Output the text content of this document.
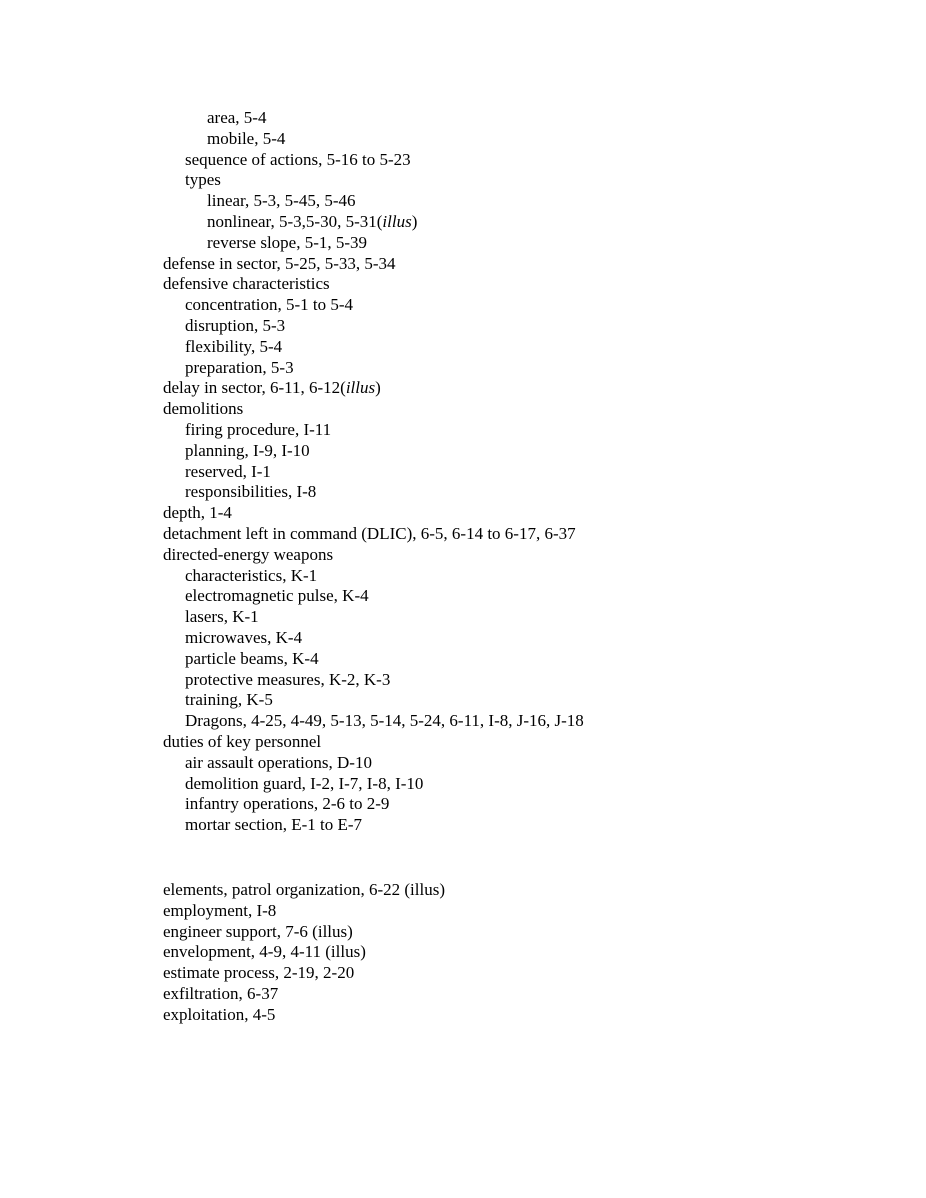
area, 5-4
mobile, 5-4
sequence of actions, 5-16 to 5-23
types
linear, 5-3, 5-45, 5-46
nonlinear, 5-3,5-30, 5-31(illus)
reverse slope, 5-1, 5-39
defense in sector, 5-25, 5-33, 5-34
defensive characteristics
concentration, 5-1 to 5-4
disruption, 5-3
flexibility, 5-4
preparation, 5-3
delay in sector, 6-11, 6-12(illus)
demolitions
firing procedure, I-11
planning, I-9, I-10
reserved, I-1
responsibilities, I-8
depth, 1-4
detachment left in command (DLIC), 6-5, 6-14 to 6-17, 6-37
directed-energy weapons
characteristics, K-1
electromagnetic pulse, K-4
lasers, K-1
microwaves, K-4
particle beams, K-4
protective measures, K-2, K-3
training, K-5
Dragons, 4-25, 4-49, 5-13, 5-14, 5-24, 6-11, I-8, J-16, J-18
duties of key personnel
air assault operations, D-10
demolition guard, I-2, I-7, I-8, I-10
infantry operations, 2-6 to 2-9
mortar section, E-1 to E-7
elements, patrol organization, 6-22 (illus)
employment, I-8
engineer support, 7-6 (illus)
envelopment, 4-9, 4-11 (illus)
estimate process, 2-19, 2-20
exfiltration, 6-37
exploitation, 4-5
